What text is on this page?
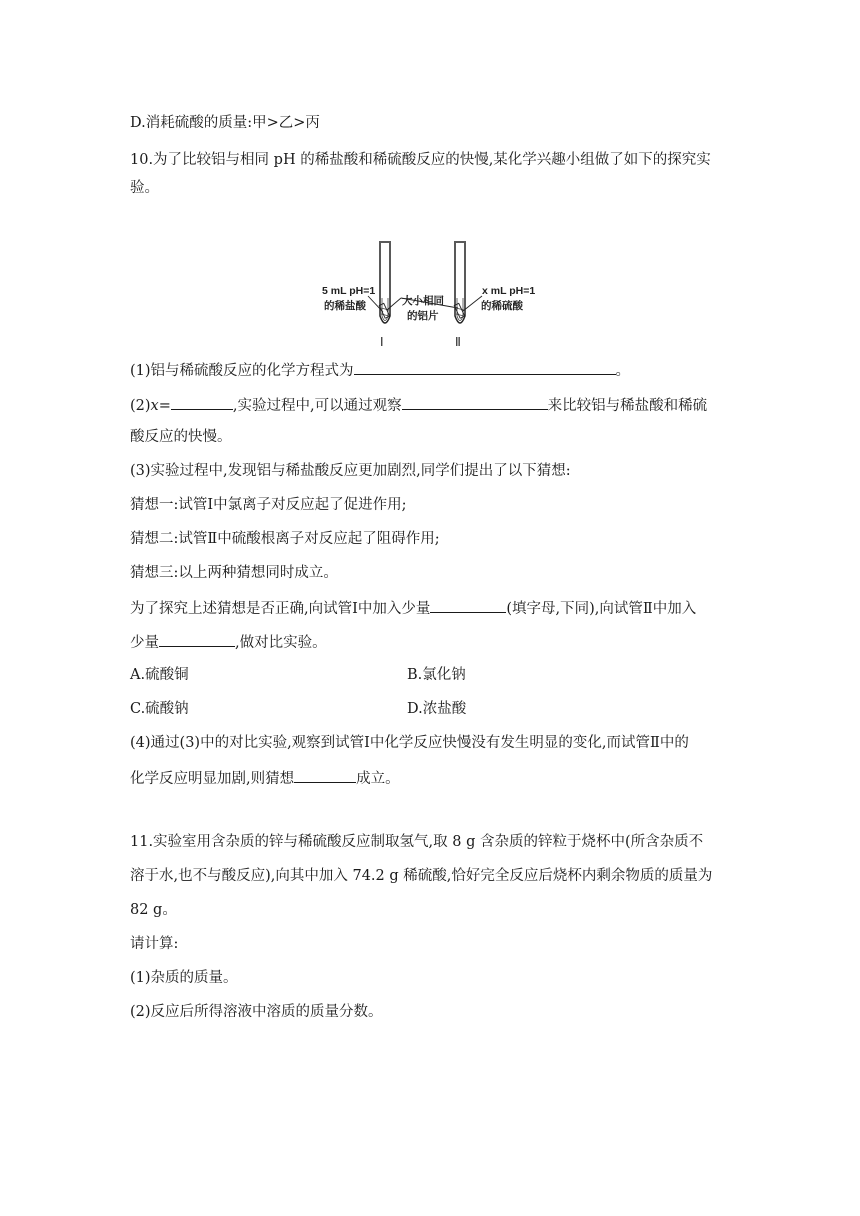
D.消耗硫酸的质量:甲>乙>丙
10.为了比较铝与相同 pH 的稀盐酸和稀硫酸反应的快慢,某化学兴趣小组做了如下的探究实
验。
5 mL pH=1
的稀盐酸	大小相同
的铝片
x mL pH=1
的稀硫酸
Ⅰ	Ⅱ
(1)铝与稀硫酸反应的化学方程式为	。
(2)x=	,实验过程中,可以通过观察	来比较铝与稀盐酸和稀硫
酸反应的快慢。
(3)实验过程中,发现铝与稀盐酸反应更加剧烈,同学们提出了以下猜想:
猜想一:试管Ⅰ中氯离子对反应起了促进作用;
猜想二:试管Ⅱ中硫酸根离子对反应起了阻碍作用;
猜想三:以上两种猜想同时成立。
为了探究上述猜想是否正确,向试管Ⅰ中加入少量	(填字母,下同),向试管Ⅱ中加入
少量	,做对比实验。
A.硫酸铜	B.氯化钠
C.硫酸钠	D.浓盐酸
(4)通过(3)中的对比实验,观察到试管Ⅰ中化学反应快慢没有发生明显的变化,而试管Ⅱ中的
化学反应明显加剧,则猜想	成立。
11.实验室用含杂质的锌与稀硫酸反应制取氢气,取 8 g 含杂质的锌粒于烧杯中(所含杂质不
溶于水,也不与酸反应),向其中加入 74.2 g 稀硫酸,恰好完全反应后烧杯内剩余物质的质量为
82 g。
请计算:
(1)杂质的质量。
(2)反应后所得溶液中溶质的质量分数。
